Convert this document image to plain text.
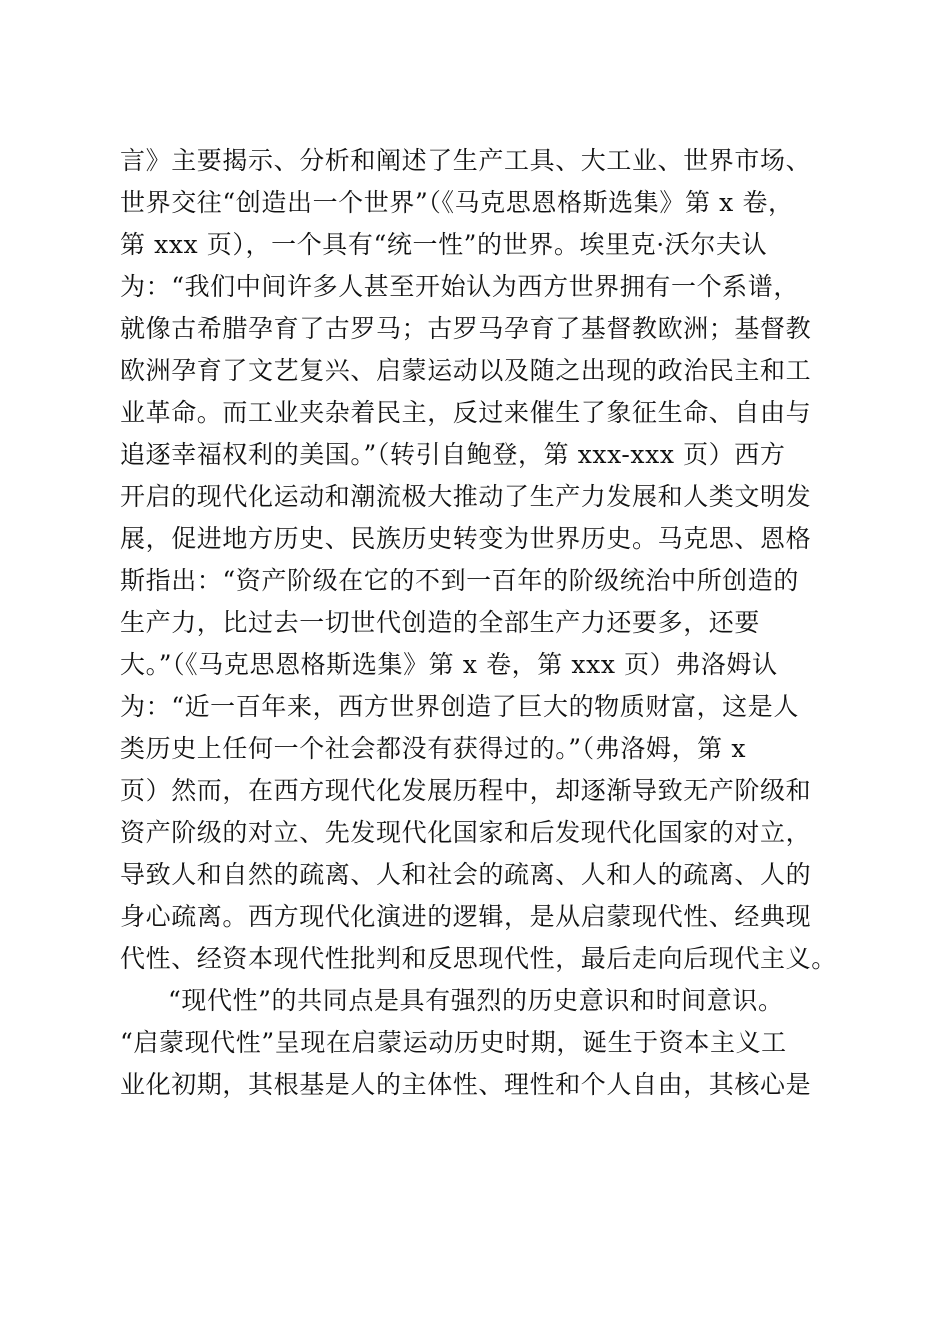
言》主要揭示、分析和阐述了生产工具、大工业、世界市场、
世界交往“创造出一个世界”（《马克思恩格斯选集》第 x 卷，
第 xxx 页），一个具有“统一性”的世界。埃里克·沃尔夫认
为：“我们中间许多人甚至开始认为西方世界拥有一个系谱，
就像古希腊孕育了古罗马；古罗马孕育了基督教欧洲；基督教
欧洲孕育了文艺复兴、启蒙运动以及随之出现的政治民主和工
业革命。而工业夹杂着民主，反过来催生了象征生命、自由与
追逐幸福权利的美国。”（转引自鲍登，第 xxx-xxx 页）西方
开启的现代化运动和潮流极大推动了生产力发展和人类文明发
展，促进地方历史、民族历史转变为世界历史。马克思、恩格
斯指出：“资产阶级在它的不到一百年的阶级统治中所创造的
生产力，比过去一切世代创造的全部生产力还要多，还要
大。”（《马克思恩格斯选集》第 x 卷，第 xxx 页）弗洛姆认
为：“近一百年来，西方世界创造了巨大的物质财富，这是人
类历史上任何一个社会都没有获得过的。”（弗洛姆，第 x
页）然而，在西方现代化发展历程中，却逐渐导致无产阶级和
资产阶级的对立、先发现代化国家和后发现代化国家的对立，
导致人和自然的疏离、人和社会的疏离、人和人的疏离、人的
身心疏离。西方现代化演进的逻辑，是从启蒙现代性、经典现
代性、经资本现代性批判和反思现代性，最后走向后现代主义。
“现代性”的共同点是具有强烈的历史意识和时间意识。
“启蒙现代性”呈现在启蒙运动历史时期，诞生于资本主义工
业化初期，其根基是人的主体性、理性和个人自由，其核心是
